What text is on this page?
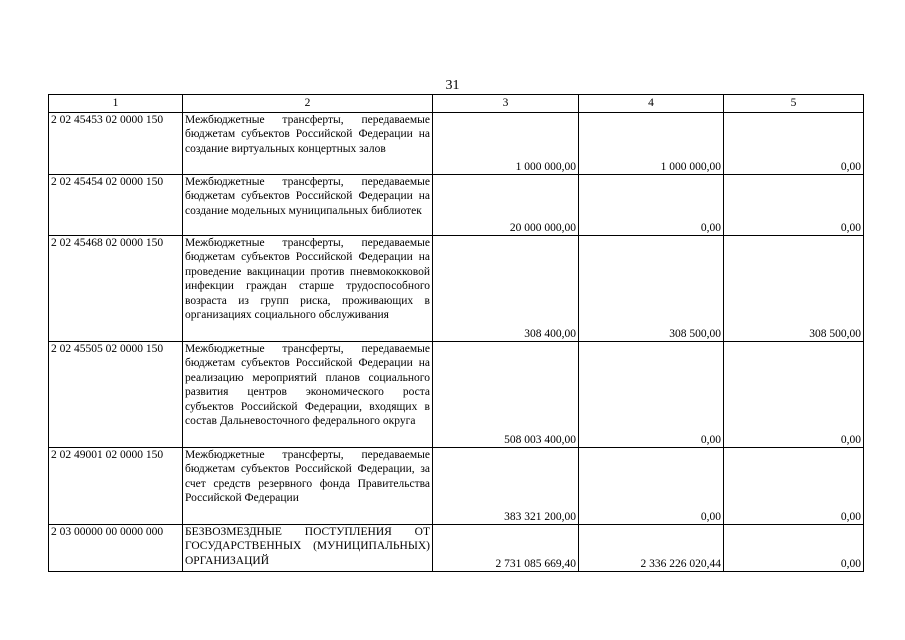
31
1	2	3	4	5
2 02 45453 02 0000 150	Межбюджетные трансферты, передаваемые бюджетам субъектов Российской Федерации на создание виртуальных концертных залов	1 000 000,00	1 000 000,00	0,00
2 02 45454 02 0000 150	Межбюджетные трансферты, передаваемые бюджетам субъектов Российской Федерации на создание модельных муниципальных библиотек	20 000 000,00	0,00	0,00
2 02 45468 02 0000 150	Межбюджетные трансферты, передаваемые бюджетам субъектов Российской Федерации на проведение вакцинации против пневмококковой инфекции граждан старше трудоспособного возраста из групп риска, проживающих в организациях социального обслуживания	308 400,00	308 500,00	308 500,00
2 02 45505 02 0000 150	Межбюджетные трансферты, передаваемые бюджетам субъектов Российской Федерации на реализацию мероприятий планов социального развития центров экономического роста субъектов Российской Федерации, входящих в состав Дальневосточного федерального округа	508 003 400,00	0,00	0,00
2 02 49001 02 0000 150	Межбюджетные трансферты, передаваемые бюджетам субъектов Российской Федерации, за счет средств резервного фонда Правительства Российской Федерации	383 321 200,00	0,00	0,00
2 03 00000 00 0000 000	БЕЗВОЗМЕЗДНЫЕ ПОСТУПЛЕНИЯ ОТ ГОСУДАРСТВЕННЫХ (МУНИЦИПАЛЬНЫХ) ОРГАНИЗАЦИЙ	2 731 085 669,40	2 336 226 020,44	0,00
